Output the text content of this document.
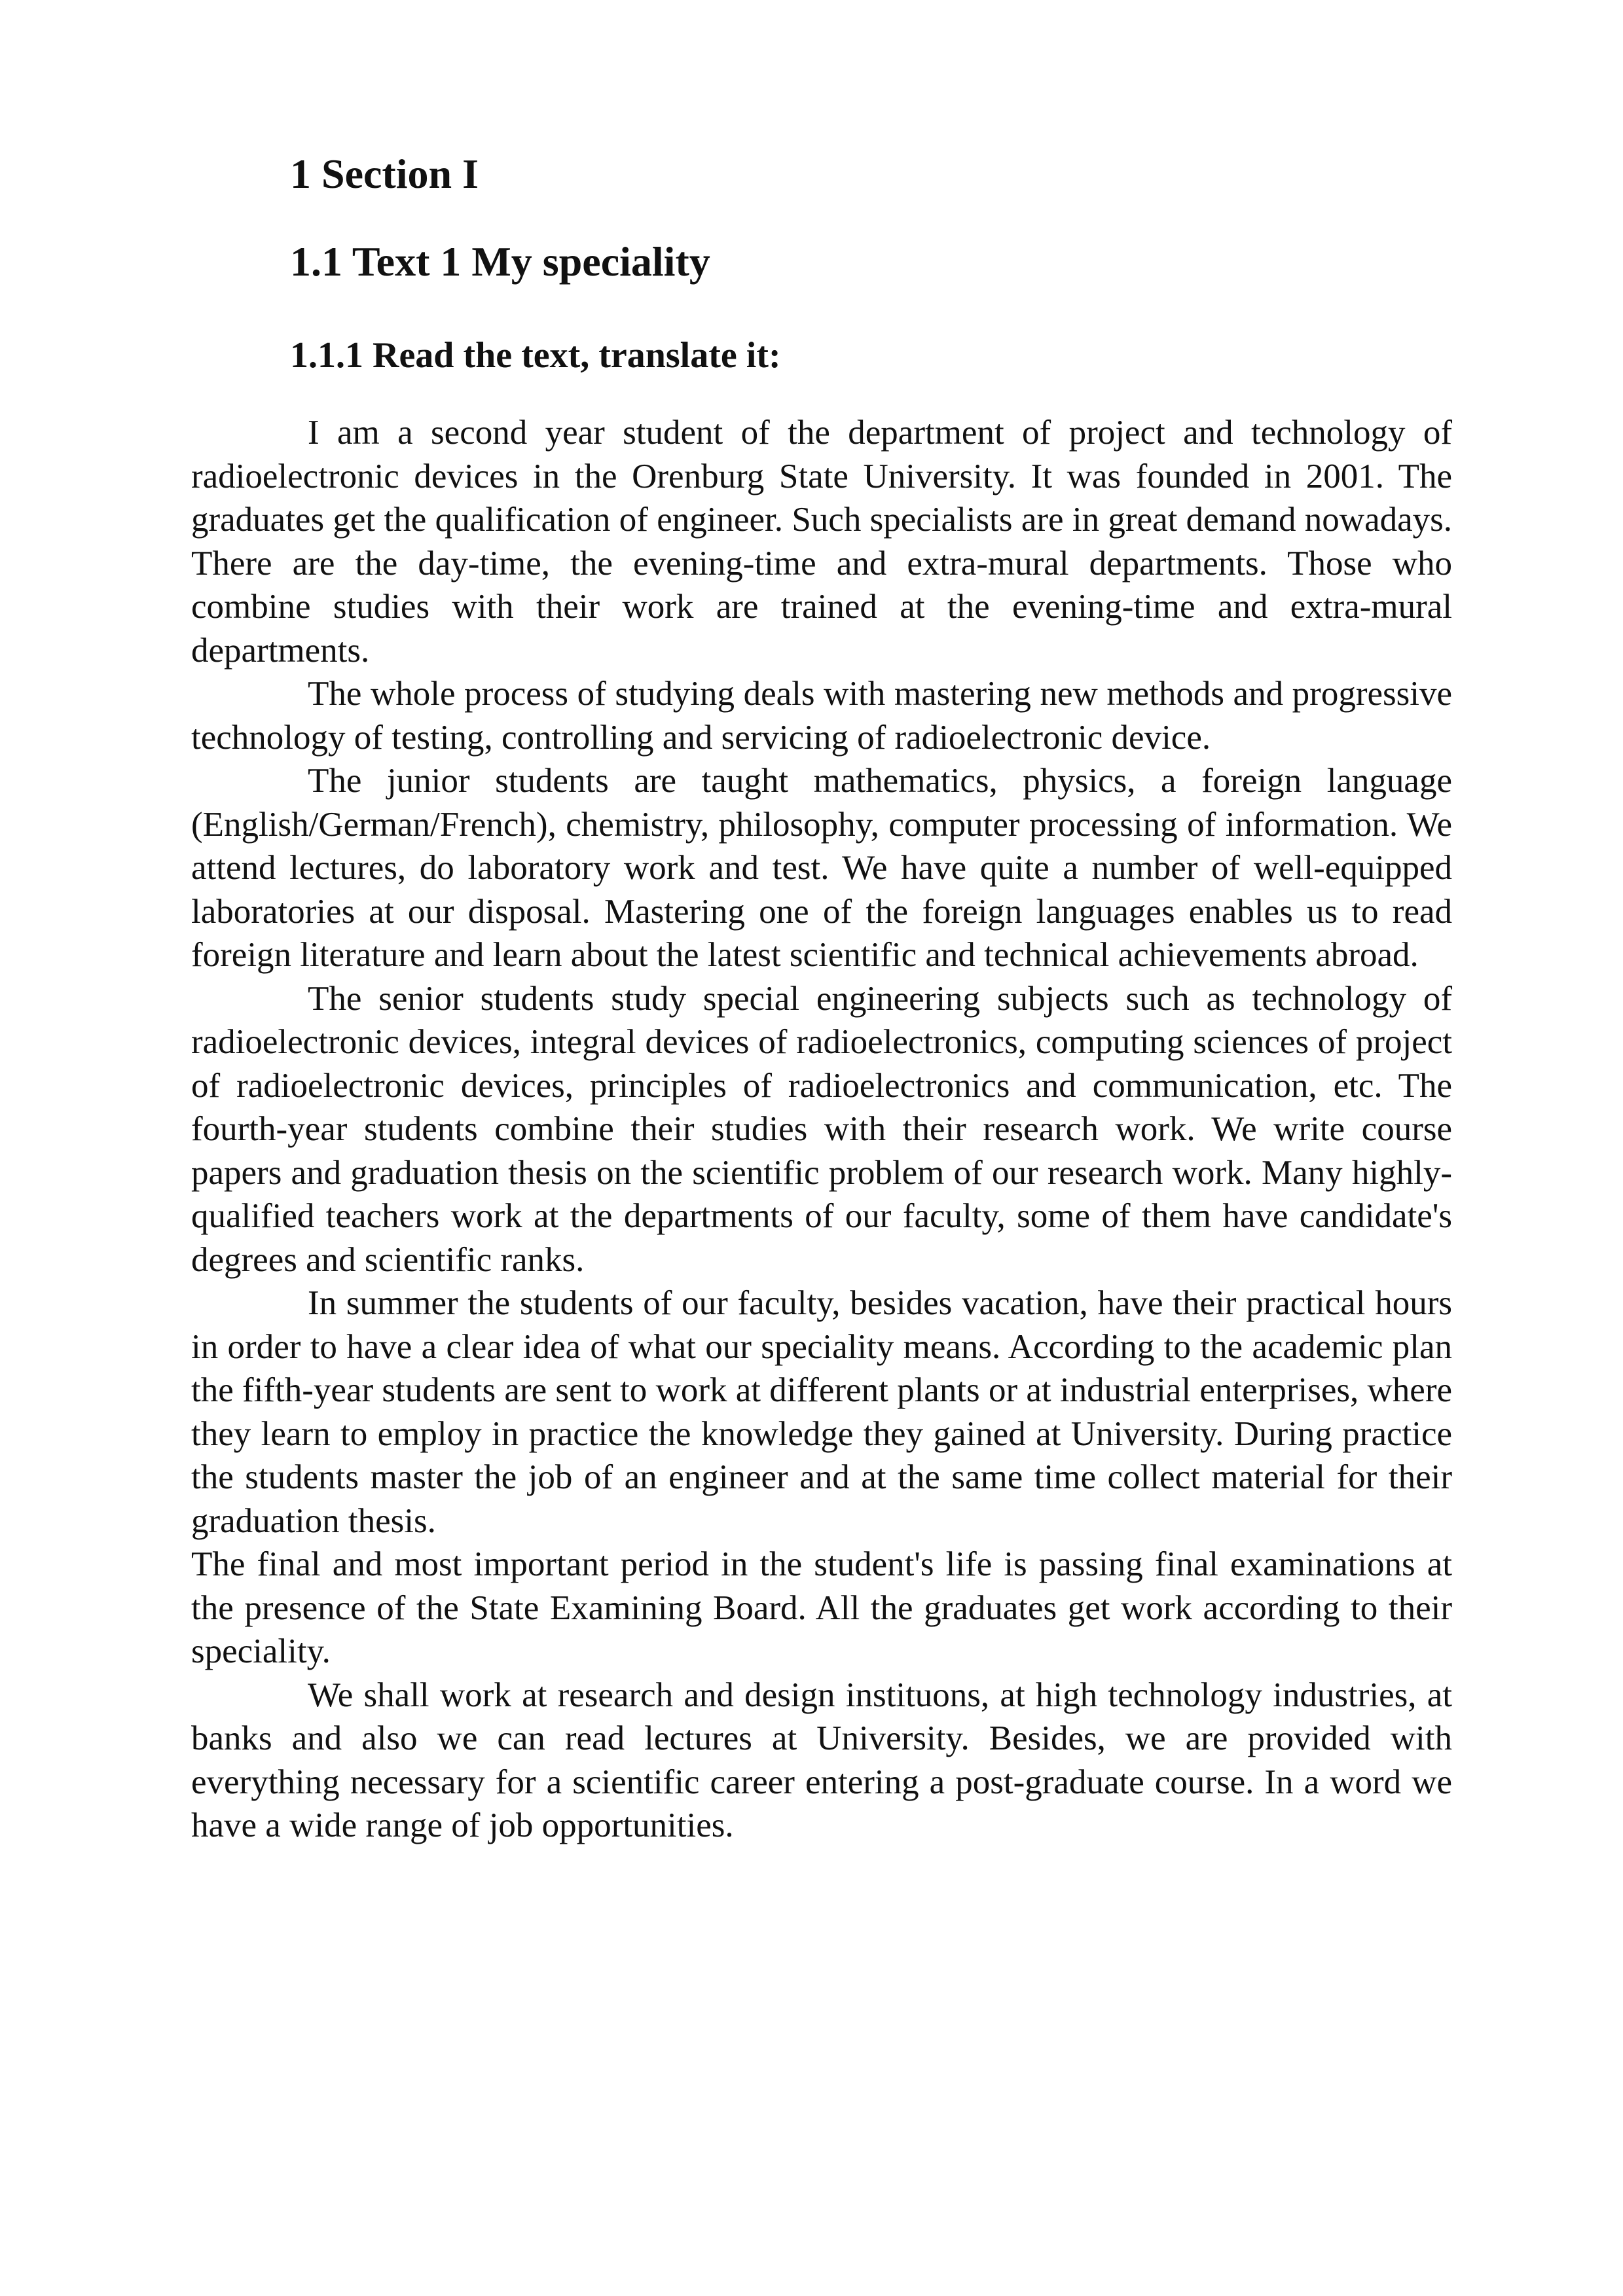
1 Section I
1.1 Text 1 My speciality
1.1.1 Read the text, translate it:

I am a second year student of the department of project and technology of radioelectronic devices in the Orenburg State University. It was founded in 2001. The graduates get the qualification of engineer. Such specialists are in great demand nowadays. There are the day-time, the evening-time and extra-mural departments. Those who combine studies with their work are trained at the evening-time and extra-mural departments.

The whole process of studying deals with mastering new methods and progressive technology of testing, controlling and servicing of radioelectronic device.

The junior students are taught mathematics, physics, a foreign language (English/German/French), chemistry, philosophy, computer processing of information. We attend lectures, do laboratory work and test. We have quite a number of well-equipped laboratories at our disposal. Mastering one of the foreign languages enables us to read foreign literature and learn about the latest scientific and technical achievements abroad.

The senior students study special engineering subjects such as technology of radioelectronic devices, integral devices of radioelectronics, computing sciences of project of radioelectronic devices, principles of radioelectronics and communication, etc. The fourth-year students combine their studies with their research work. We write course papers and graduation thesis on the scientific problem of our research work. Many highly-qualified teachers work at the departments of our faculty, some of them have candidate's degrees and scientific ranks.

In summer the students of our faculty, besides vacation, have their practical hours in order to have a clear idea of what our speciality means. According to the academic plan the fifth-year students are sent to work at different plants or at industrial enterprises, where they learn to employ in practice the knowledge they gained at University. During practice the students master the job of an engineer and at the same time collect material for their graduation thesis.

The final and most important period in the student's life is passing final examinations at the presence of the State Examining Board. All the graduates get work according to their speciality.

We shall work at research and design instituons, at high technology industries, at banks and also we can read lectures at University. Besides, we are provided with everything necessary for a scientific career entering a post-graduate course. In a word we have a wide range of job opportunities.
